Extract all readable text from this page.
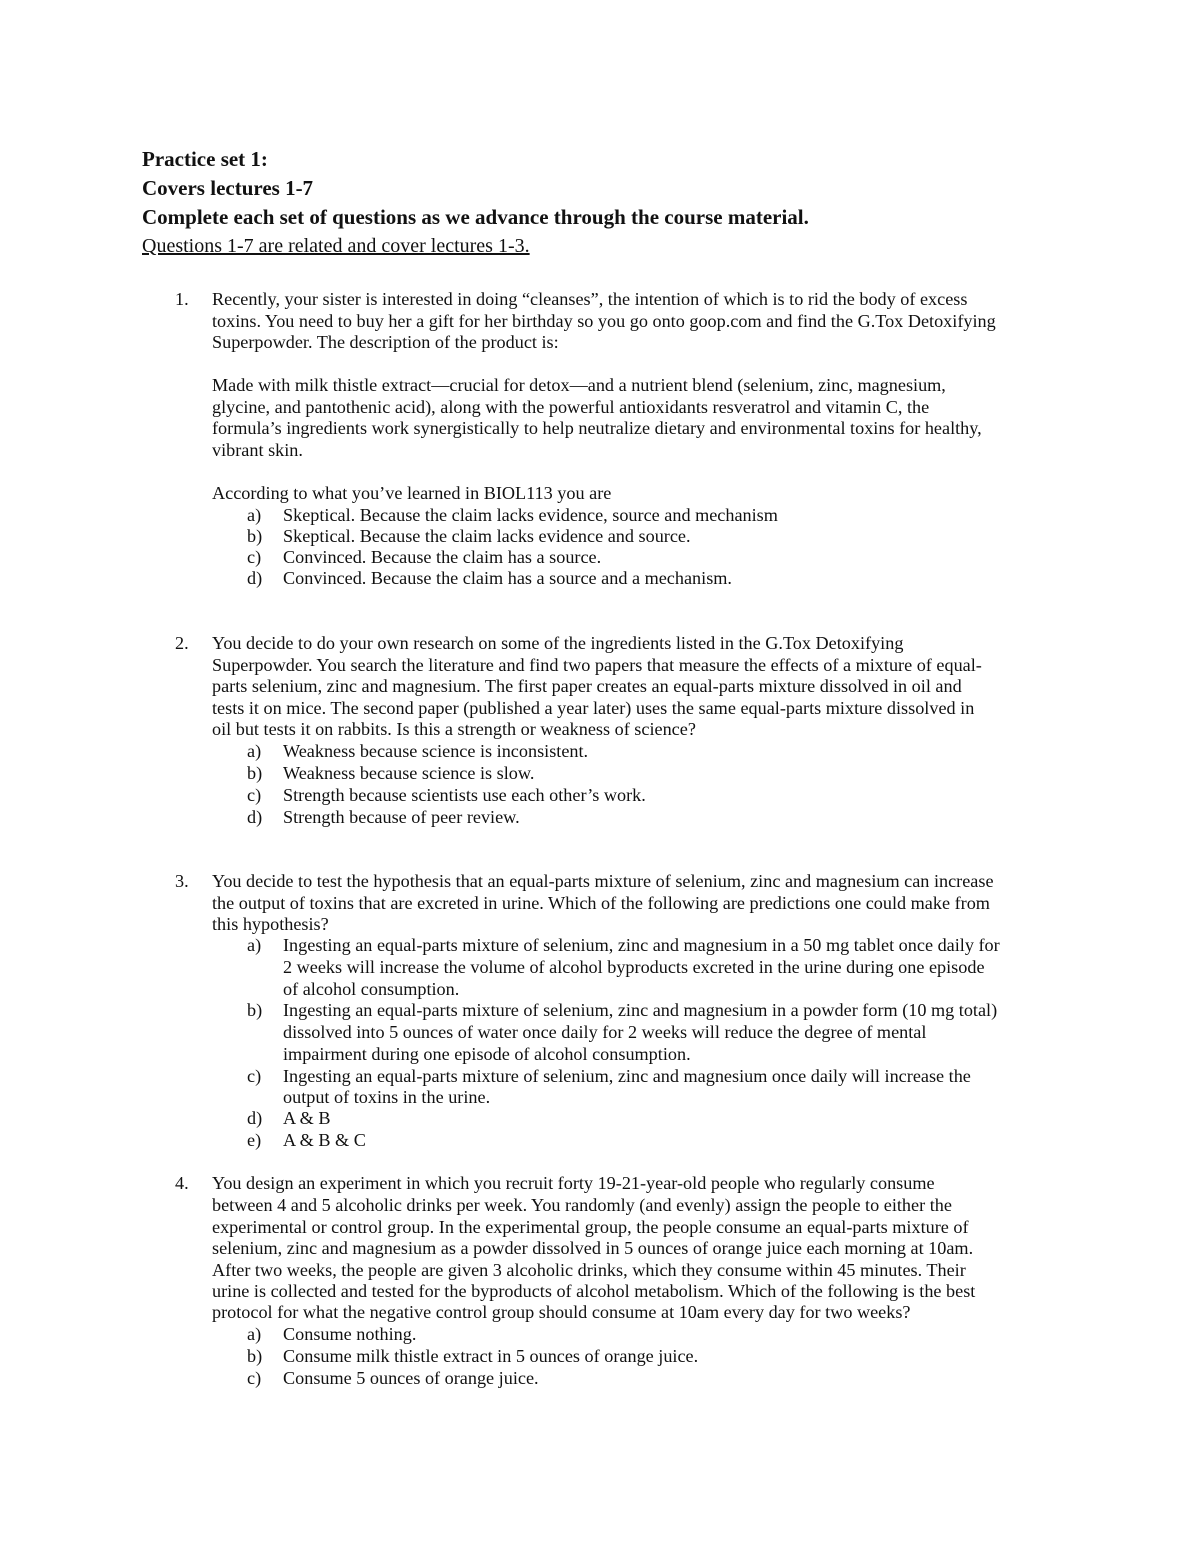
Practice set 1:
Covers lectures 1-7
Complete each set of questions as we advance through the course material.
Questions 1-7 are related and cover lectures 1-3.
1. Recently, your sister is interested in doing “cleanses”, the intention of which is to rid the body of excess
toxins. You need to buy her a gift for her birthday so you go onto goop.com and find the G.Tox Detoxifying
Superpowder. The description of the product is:
Made with milk thistle extract—crucial for detox—and a nutrient blend (selenium, zinc, magnesium,
glycine, and pantothenic acid), along with the powerful antioxidants resveratrol and vitamin C, the
formula’s ingredients work synergistically to help neutralize dietary and environmental toxins for healthy,
vibrant skin.
According to what you’ve learned in BIOL113 you are
a) Skeptical. Because the claim lacks evidence, source and mechanism
b) Skeptical. Because the claim lacks evidence and source.
c) Convinced. Because the claim has a source.
d) Convinced. Because the claim has a source and a mechanism.
2. You decide to do your own research on some of the ingredients listed in the G.Tox Detoxifying
Superpowder. You search the literature and find two papers that measure the effects of a mixture of equal-
parts selenium, zinc and magnesium. The first paper creates an equal-parts mixture dissolved in oil and
tests it on mice. The second paper (published a year later) uses the same equal-parts mixture dissolved in
oil but tests it on rabbits. Is this a strength or weakness of science?
a) Weakness because science is inconsistent.
b) Weakness because science is slow.
c) Strength because scientists use each other’s work.
d) Strength because of peer review.
3. You decide to test the hypothesis that an equal-parts mixture of selenium, zinc and magnesium can increase
the output of toxins that are excreted in urine. Which of the following are predictions one could make from
this hypothesis?
a) Ingesting an equal-parts mixture of selenium, zinc and magnesium in a 50 mg tablet once daily for
2 weeks will increase the volume of alcohol byproducts excreted in the urine during one episode
of alcohol consumption.
b) Ingesting an equal-parts mixture of selenium, zinc and magnesium in a powder form (10 mg total)
dissolved into 5 ounces of water once daily for 2 weeks will reduce the degree of mental
impairment during one episode of alcohol consumption.
c) Ingesting an equal-parts mixture of selenium, zinc and magnesium once daily will increase the
output of toxins in the urine.
d) A & B
e) A & B & C
4. You design an experiment in which you recruit forty 19-21-year-old people who regularly consume
between 4 and 5 alcoholic drinks per week. You randomly (and evenly) assign the people to either the
experimental or control group. In the experimental group, the people consume an equal-parts mixture of
selenium, zinc and magnesium as a powder dissolved in 5 ounces of orange juice each morning at 10am.
After two weeks, the people are given 3 alcoholic drinks, which they consume within 45 minutes. Their
urine is collected and tested for the byproducts of alcohol metabolism. Which of the following is the best
protocol for what the negative control group should consume at 10am every day for two weeks?
a) Consume nothing.
b) Consume milk thistle extract in 5 ounces of orange juice.
c) Consume 5 ounces of orange juice.
